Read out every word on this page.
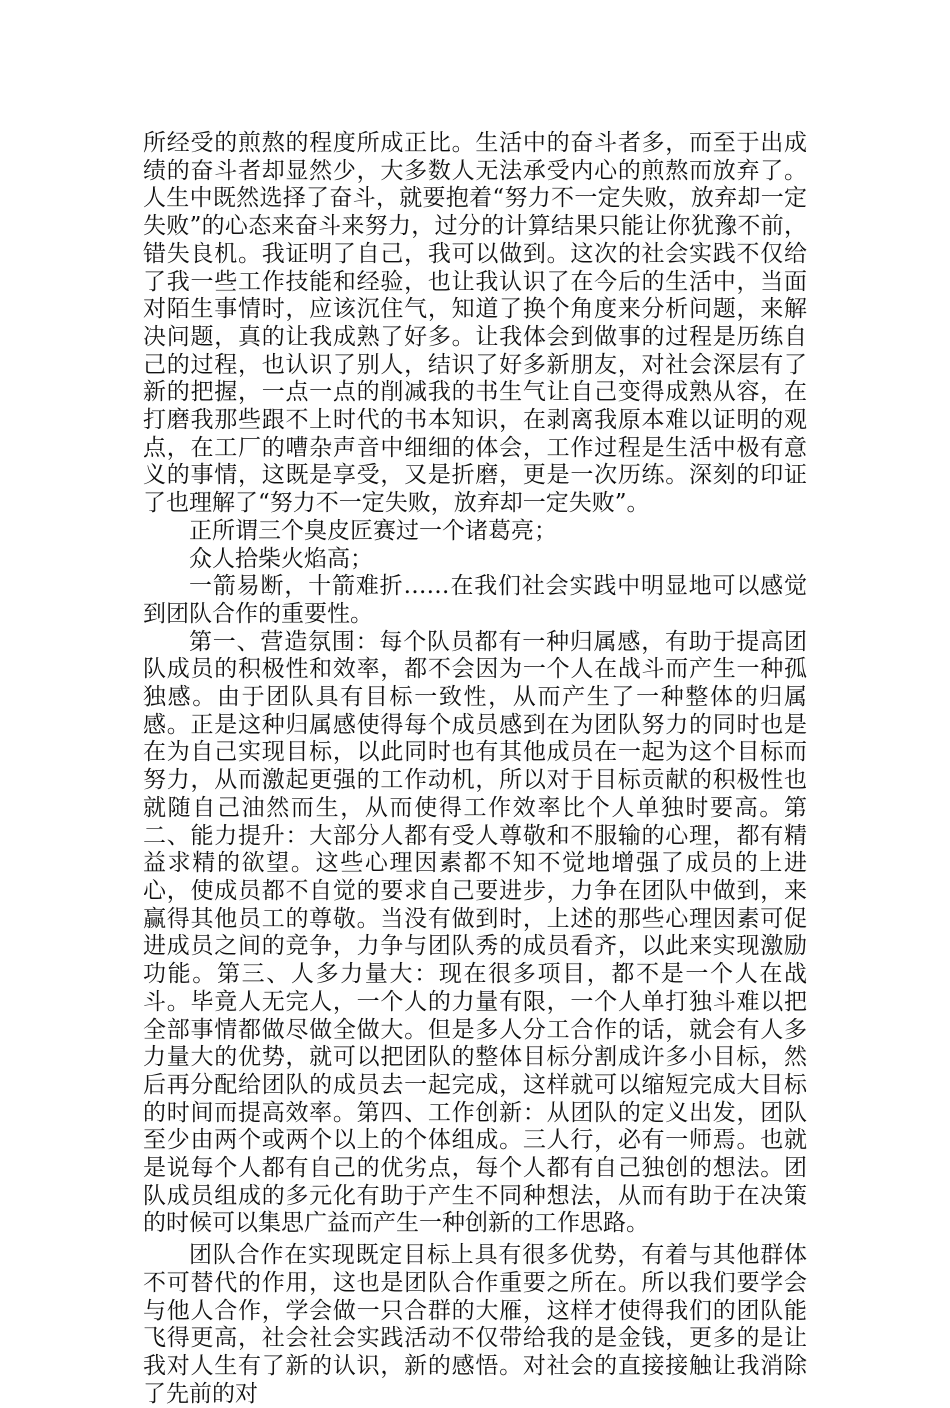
所经受的煎熬的程度所成正比。生活中的奋斗者多，而至于出成绩的奋斗者却显然少，大多数人无法承受内心的煎熬而放弃了。人生中既然选择了奋斗，就要抱着“努力不一定失败，放弃却一定失败”的心态来奋斗来努力，过分的计算结果只能让你犹豫不前，错失良机。我证明了自己，我可以做到。这次的社会实践不仅给了我一些工作技能和经验，也让我认识了在今后的生活中，当面对陌生事情时，应该沉住气，知道了换个角度来分析问题，来解决问题，真的让我成熟了好多。让我体会到做事的过程是历练自己的过程，也认识了别人，结识了好多新朋友，对社会深层有了新的把握，一点一点的削减我的书生气让自己变得成熟从容，在打磨我那些跟不上时代的书本知识，在剥离我原本难以证明的观点，在工厂的嘈杂声音中细细的体会，工作过程是生活中极有意义的事情，这既是享受，又是折磨，更是一次历练。深刻的印证了也理解了“努力不一定失败，放弃却一定失败”。

正所谓三个臭皮匠赛过一个诸葛亮；

众人拾柴火焰高；

一箭易断，十箭难折……在我们社会实践中明显地可以感觉到团队合作的重要性。

第一、营造氛围：每个队员都有一种归属感，有助于提高团队成员的积极性和效率，都不会因为一个人在战斗而产生一种孤独感。由于团队具有目标一致性，从而产生了一种整体的归属感。正是这种归属感使得每个成员感到在为团队努力的同时也是在为自己实现目标，以此同时也有其他成员在一起为这个目标而努力，从而激起更强的工作动机，所以对于目标贡献的积极性也就随自己油然而生，从而使得工作效率比个人单独时要高。第二、能力提升：大部分人都有受人尊敬和不服输的心理，都有精益求精的欲望。这些心理因素都不知不觉地增强了成员的上进心，使成员都不自觉的要求自己要进步，力争在团队中做到，来赢得其他员工的尊敬。当没有做到时，上述的那些心理因素可促进成员之间的竞争，力争与团队秀的成员看齐，以此来实现激励功能。第三、人多力量大：现在很多项目，都不是一个人在战斗。毕竟人无完人，一个人的力量有限，一个人单打独斗难以把全部事情都做尽做全做大。但是多人分工合作的话，就会有人多力量大的优势，就可以把团队的整体目标分割成许多小目标，然后再分配给团队的成员去一起完成，这样就可以缩短完成大目标的时间而提高效率。第四、工作创新：从团队的定义出发，团队至少由两个或两个以上的个体组成。三人行，必有一师焉。也就是说每个人都有自己的优劣点，每个人都有自己独创的想法。团队成员组成的多元化有助于产生不同种想法，从而有助于在决策的时候可以集思广益而产生一种创新的工作思路。

团队合作在实现既定目标上具有很多优势，有着与其他群体不可替代的作用，这也是团队合作重要之所在。所以我们要学会与他人合作，学会做一只合群的大雁，这样才使得我们的团队能飞得更高，社会社会实践活动不仅带给我的是金钱，更多的是让我对人生有了新的认识，新的感悟。对社会的直接接触让我消除了先前的对
